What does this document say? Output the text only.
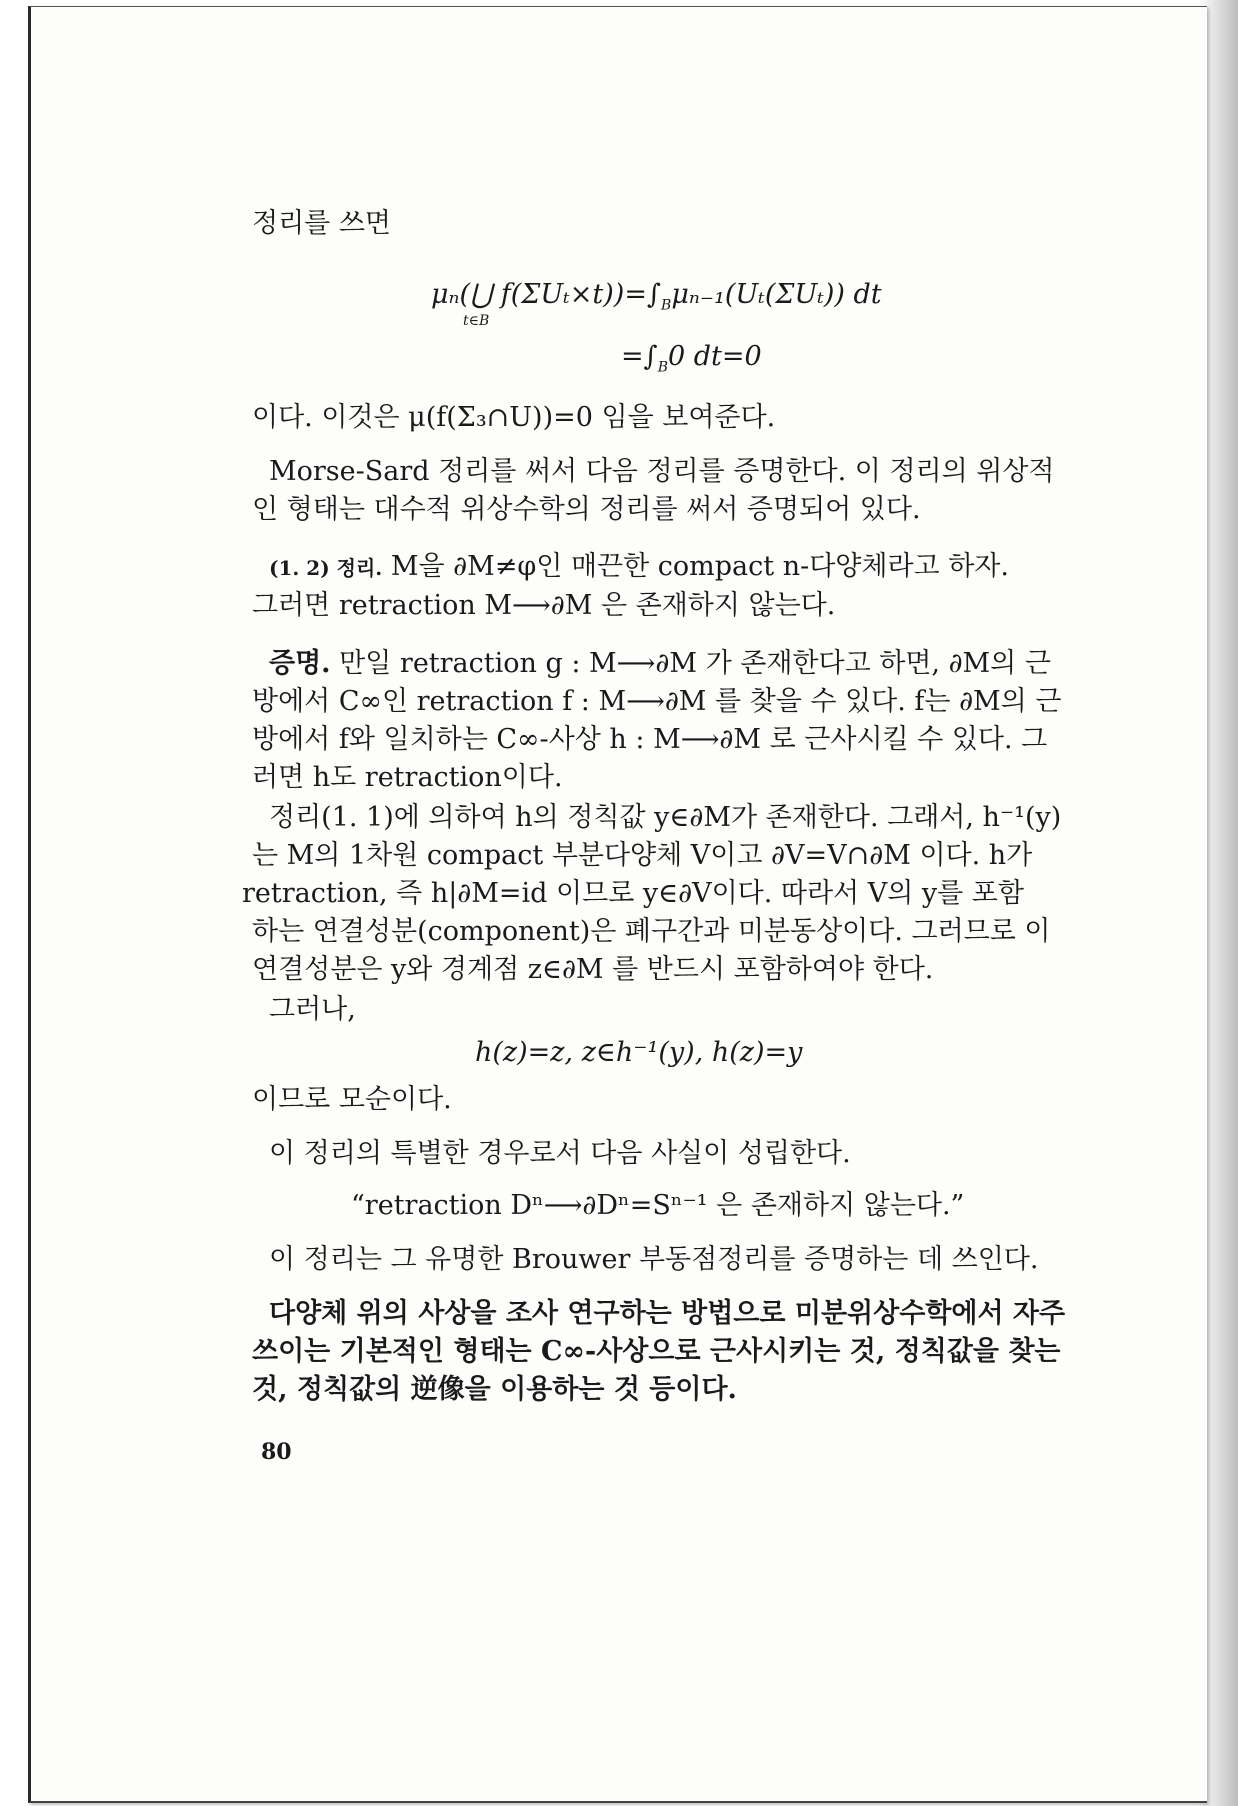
정리를 쓰면
μₙ(⋃ $f(\Sigma U_t\times t))=\int_B\mu_{n-1}(U_t(\Sigma U_t))$ dt
t∈B
$=\int_B0$ dt=0
이다. 이것은 μ(f(Σ₃∩U))=0 임을 보여준다.
Morse-Sard 정리를 써서 다음 정리를 증명한다. 이 정리의 위상적
인 형태는 대수적 위상수학의 정리를 써서 증명되어 있다.
(1. 2) 정리. M을 ∂M≠φ인 매끈한 compact n-다양체라고 하자.
그러면 retraction M⟶∂M 은 존재하지 않는다.
증명. 만일 retraction g : M⟶∂M 가 존재한다고 하면, ∂M의 근
방에서 C∞인 retraction f : M⟶∂M 를 찾을 수 있다. f는 ∂M의 근
방에서 f와 일치하는 C∞-사상 h : M⟶∂M 로 근사시킬 수 있다. 그
러면 h도 retraction이다.
정리(1. 1)에 의하여 h의 정칙값 y∈∂M가 존재한다. 그래서, h⁻¹(y)
는 M의 1차원 compact 부분다양체 V이고 ∂V=V∩∂M 이다. h가
retraction, 즉 h|∂M=id 이므로 y∈∂V이다. 따라서 V의 y를 포함
하는 연결성분(component)은 폐구간과 미분동상이다. 그러므로 이
연결성분은 y와 경계점 z∈∂M 를 반드시 포함하여야 한다.
그러나,
h(z)=z, z∈h⁻¹(y), h(z)=y
이므로 모순이다.
이 정리의 특별한 경우로서 다음 사실이 성립한다.
“retraction Dⁿ⟶∂Dⁿ=Sⁿ⁻¹ 은 존재하지 않는다.”
이 정리는 그 유명한 Brouwer 부동점정리를 증명하는 데 쓰인다.
다양체 위의 사상을 조사 연구하는 방법으로 미분위상수학에서 자주
쓰이는 기본적인 형태는 C∞-사상으로 근사시키는 것, 정칙값을 찾는
것, 정칙값의 逆像을 이용하는 것 등이다.
80
